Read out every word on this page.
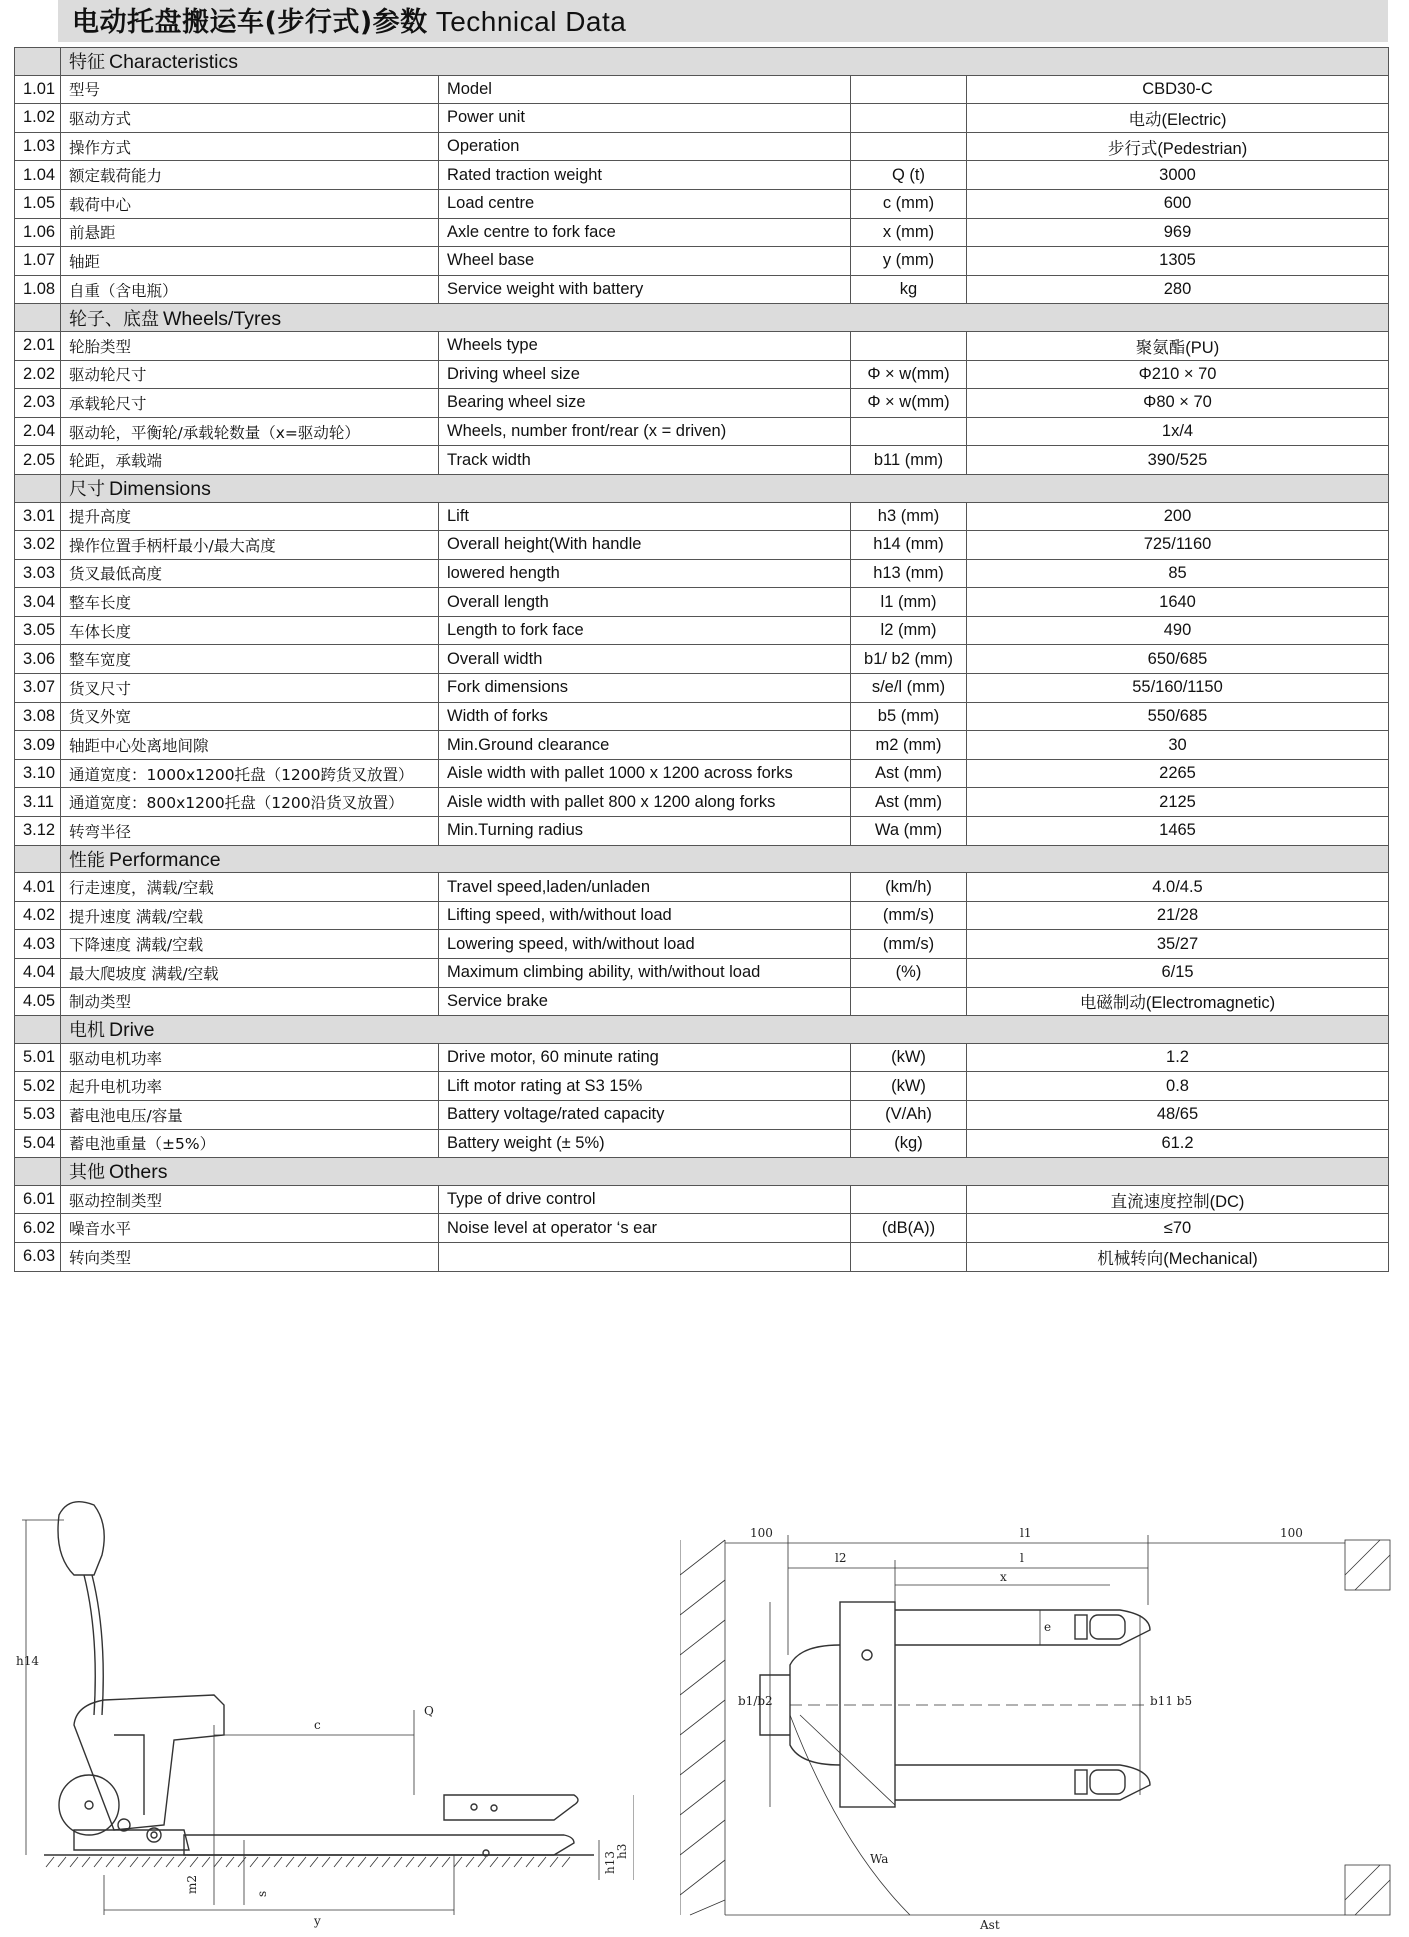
电动托盘搬运车(步行式)参数 Technical Data
	特征 Characteristics			
1.01	型号	Model		CBD30-C
1.02	驱动方式	Power unit		电动(Electric)
1.03	操作方式	Operation		步行式(Pedestrian)
1.04	额定载荷能力	Rated traction weight	Q (t)	3000
1.05	载荷中心	Load centre	c (mm)	600
1.06	前悬距	Axle centre to fork face	x (mm)	969
1.07	轴距	Wheel base	y (mm)	1305
1.08	自重（含电瓶）	Service weight with battery	kg	280
	轮子、底盘 Wheels/Tyres			
2.01	轮胎类型	Wheels type		聚氨酯(PU)
2.02	驱动轮尺寸	Driving wheel size	Φ × w(mm)	Φ210 × 70
2.03	承载轮尺寸	Bearing wheel size	Φ × w(mm)	Φ80 × 70
2.04	驱动轮，平衡轮/承载轮数量（x=驱动轮）	Wheels, number front/rear (x = driven)		1x/4
2.05	轮距，承载端	Track width	b11 (mm)	390/525
	尺寸 Dimensions			
3.01	提升高度	Lift	h3 (mm)	200
3.02	操作位置手柄杆最小/最大高度	Overall height(With handle	h14 (mm)	725/1160
3.03	货叉最低高度	lowered hength	h13 (mm)	85
3.04	整车长度	Overall length	l1 (mm)	1640
3.05	车体长度	Length to fork face	l2 (mm)	490
3.06	整车宽度	Overall width	b1/ b2 (mm)	650/685
3.07	货叉尺寸	Fork dimensions	s/e/l (mm)	55/160/1150
3.08	货叉外宽	Width of forks	b5 (mm)	550/685
3.09	轴距中心处离地间隙	Min.Ground clearance	m2 (mm)	30
3.10	通道宽度：1000x1200托盘（1200跨货叉放置）	Aisle width with pallet 1000 x 1200 across forks	Ast (mm)	2265
3.11	通道宽度：800x1200托盘（1200沿货叉放置）	Aisle width with pallet 800 x 1200 along forks	Ast (mm)	2125
3.12	转弯半径	Min.Turning radius	Wa (mm)	1465
	性能 Performance			
4.01	行走速度，满载/空载	Travel speed,laden/unladen	(km/h)	4.0/4.5
4.02	提升速度 满载/空载	Lifting speed, with/without load	(mm/s)	21/28
4.03	下降速度 满载/空载	Lowering speed, with/without load	(mm/s)	35/27
4.04	最大爬坡度 满载/空载	Maximum climbing ability, with/without load	(%)	6/15
4.05	制动类型	Service brake		电磁制动(Electromagnetic)
	电机 Drive			
5.01	驱动电机功率	Drive motor, 60 minute rating	(kW)	1.2
5.02	起升电机功率	Lift motor rating at S3 15%	(kW)	0.8
5.03	蓄电池电压/容量	Battery voltage/rated capacity	(V/Ah)	48/65
5.04	蓄电池重量（±5%）	Battery weight (± 5%)	(kg)	61.2
	其他 Others			
6.01	驱动控制类型	Type of drive control		直流速度控制(DC)
6.02	噪音水平	Noise level at operator ‘s ear	(dB(A))	≤70
6.03	转向类型			机械转向(Mechanical)
h14
c
Q
m2	s
y
h13
h3
100	l1	100
l2	l
x
e
b1/b2	b11 b5
Wa
Ast
